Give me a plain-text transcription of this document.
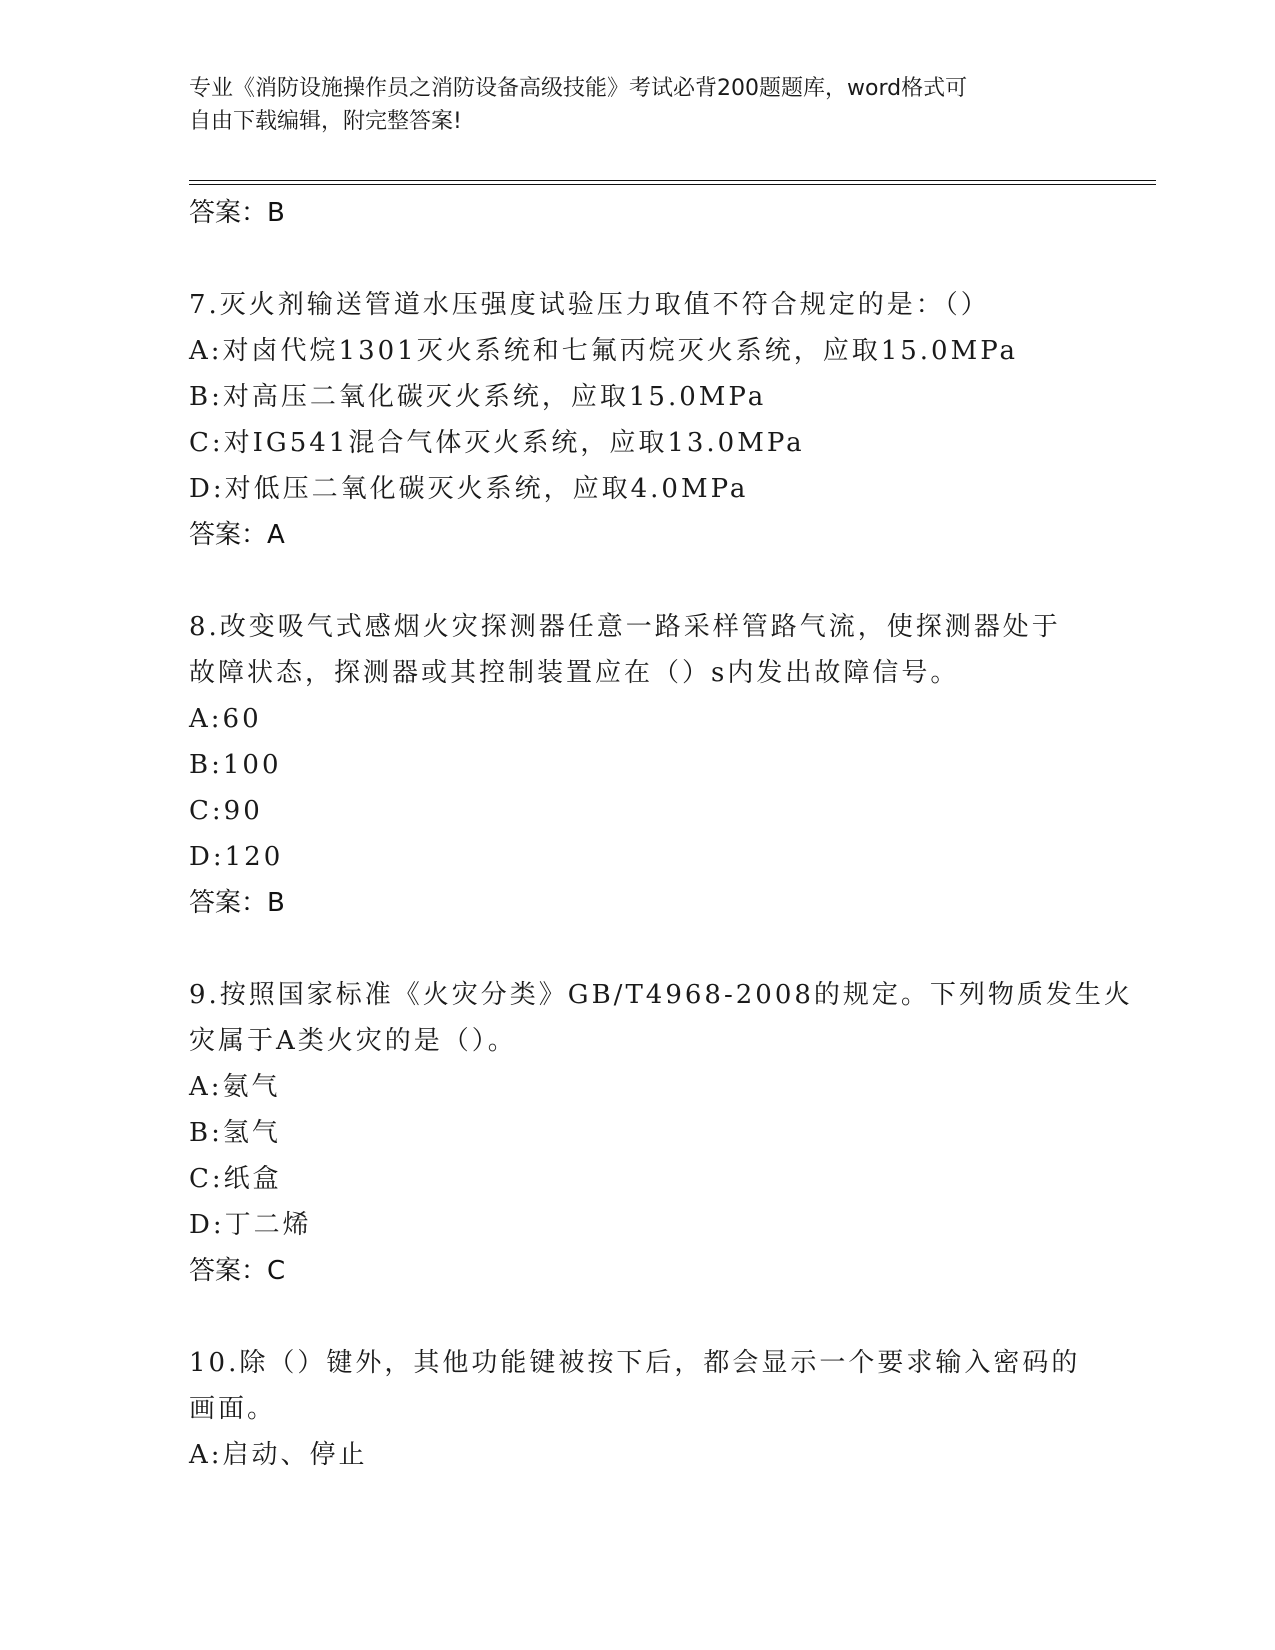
专业《消防设施操作员之消防设备高级技能》考试必背200题题库，word格式可
自由下载编辑，附完整答案!
答案：B
7.灭火剂输送管道水压强度试验压力取值不符合规定的是：（）
A:对卤代烷1301灭火系统和七氟丙烷灭火系统，应取15.0MPa
B:对高压二氧化碳灭火系统，应取15.0MPa
C:对IG541混合气体灭火系统，应取13.0MPa
D:对低压二氧化碳灭火系统，应取4.0MPa
答案：A
8.改变吸气式感烟火灾探测器任意一路采样管路气流，使探测器处于
故障状态，探测器或其控制装置应在（）s内发出故障信号。
A:60
B:100
C:90
D:120
答案：B
9.按照国家标准《火灾分类》GB/T4968-2008的规定。下列物质发生火
灾属于A类火灾的是（）。
A:氨气
B:氢气
C:纸盒
D:丁二烯
答案：C
10.除（）键外，其他功能键被按下后，都会显示一个要求输入密码的
画面。
A:启动、停止
